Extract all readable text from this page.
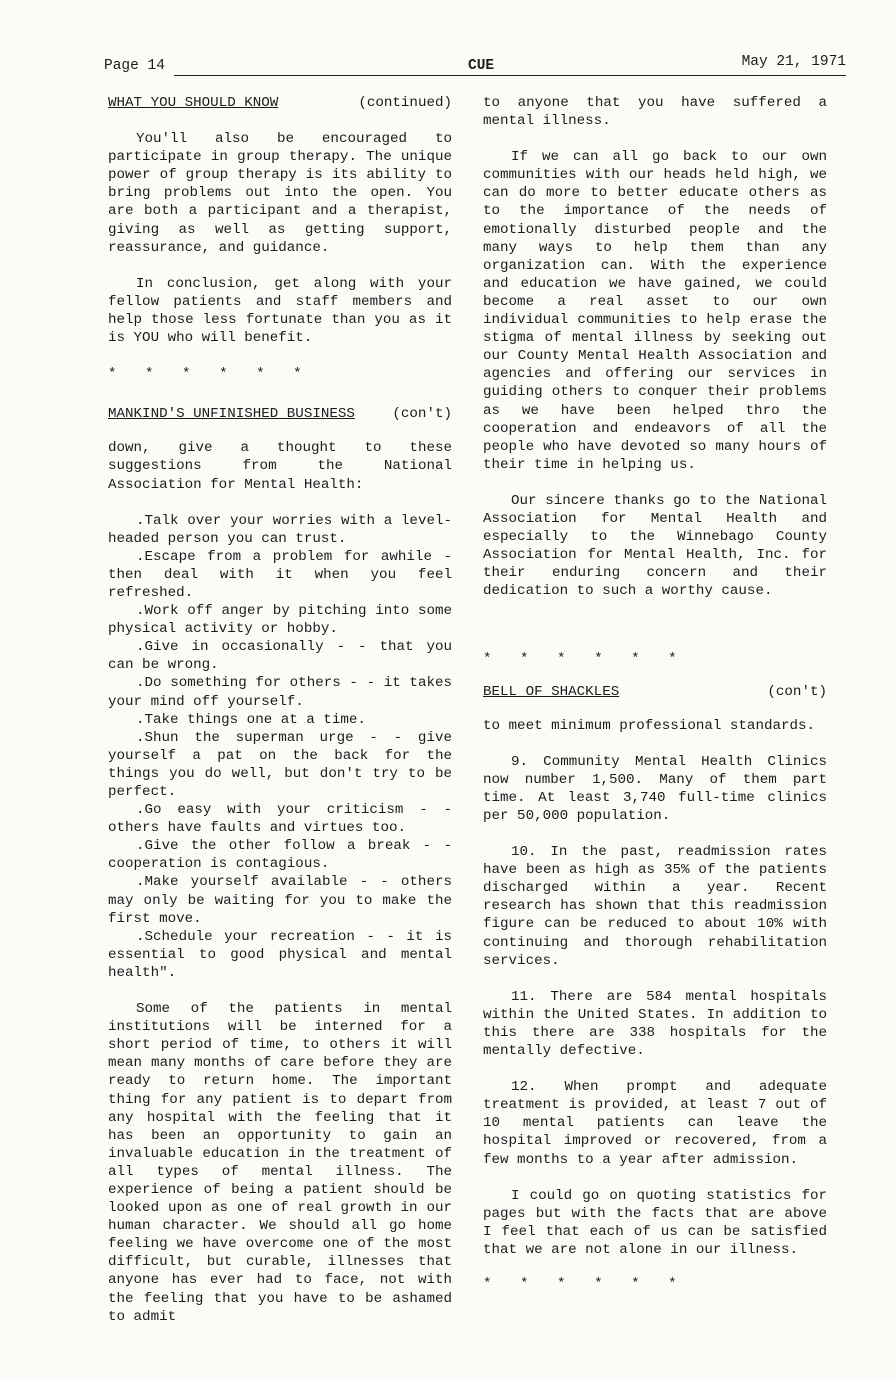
Page 14	CUE	May 21, 1971
WHAT YOU SHOULD KNOW	(continued)

You'll also be encouraged to participate in group therapy. The unique power of group therapy is its ability to bring problems out into the open. You are both a participant and a therapist, giving as well as getting support, reassurance, and guidance.

In conclusion, get along with your fellow patients and staff members and help those less fortunate than you as it is YOU who will benefit.

* * * * * *

MANKIND'S UNFINISHED BUSINESS	(con't)

down, give a thought to these suggestions from the National Association for Mental Health:

.Talk over your worries with a level-headed person you can trust.

.Escape from a problem for awhile - then deal with it when you feel refreshed.

.Work off anger by pitching into some physical activity or hobby.

.Give in occasionally - - that you can be wrong.

.Do something for others - - it takes your mind off yourself.

.Take things one at a time.

.Shun the superman urge - - give yourself a pat on the back for the things you do well, but don't try to be perfect.

.Go easy with your criticism - - others have faults and virtues too.

.Give the other follow a break - - cooperation is contagious.

.Make yourself available - - others may only be waiting for you to make the first move.

.Schedule your recreation - - it is essential to good physical and mental health".

Some of the patients in mental institutions will be interned for a short period of time, to others it will mean many months of care before they are ready to return home. The important thing for any patient is to depart from any hospital with the feeling that it has been an opportunity to gain an invaluable education in the treatment of all types of mental illness. The experience of being a patient should be looked upon as one of real growth in our human character. We should all go home feeling we have overcome one of the most difficult, but curable, illnesses that anyone has ever had to face, not with the feeling that you have to be ashamed to admit

to anyone that you have suffered a mental illness.

If we can all go back to our own communities with our heads held high, we can do more to better educate others as to the importance of the needs of emotionally disturbed people and the many ways to help them than any organization can. With the experience and education we have gained, we could become a real asset to our own individual communities to help erase the stigma of mental illness by seeking out our County Mental Health Association and agencies and offering our services in guiding others to conquer their problems as we have been helped thro the cooperation and endeavors of all the people who have devoted so many hours of their time in helping us.

Our sincere thanks go to the National Association for Mental Health and especially to the Winnebago County Association for Mental Health, Inc. for their enduring concern and their dedication to such a worthy cause.

* * * * * *

BELL OF SHACKLES	(con't)

to meet minimum professional standards.

9. Community Mental Health Clinics now number 1,500. Many of them part time. At least 3,740 full-time clinics per 50,000 population.

10. In the past, readmission rates have been as high as 35% of the patients discharged within a year. Recent research has shown that this readmission figure can be reduced to about 10% with continuing and thorough rehabilitation services.

11. There are 584 mental hospitals within the United States. In addition to this there are 338 hospitals for the mentally defective.

12. When prompt and adequate treatment is provided, at least 7 out of 10 mental patients can leave the hospital improved or recovered, from a few months to a year after admission.

I could go on quoting statistics for pages but with the facts that are above I feel that each of us can be satisfied that we are not alone in our illness.

* * * * * *
